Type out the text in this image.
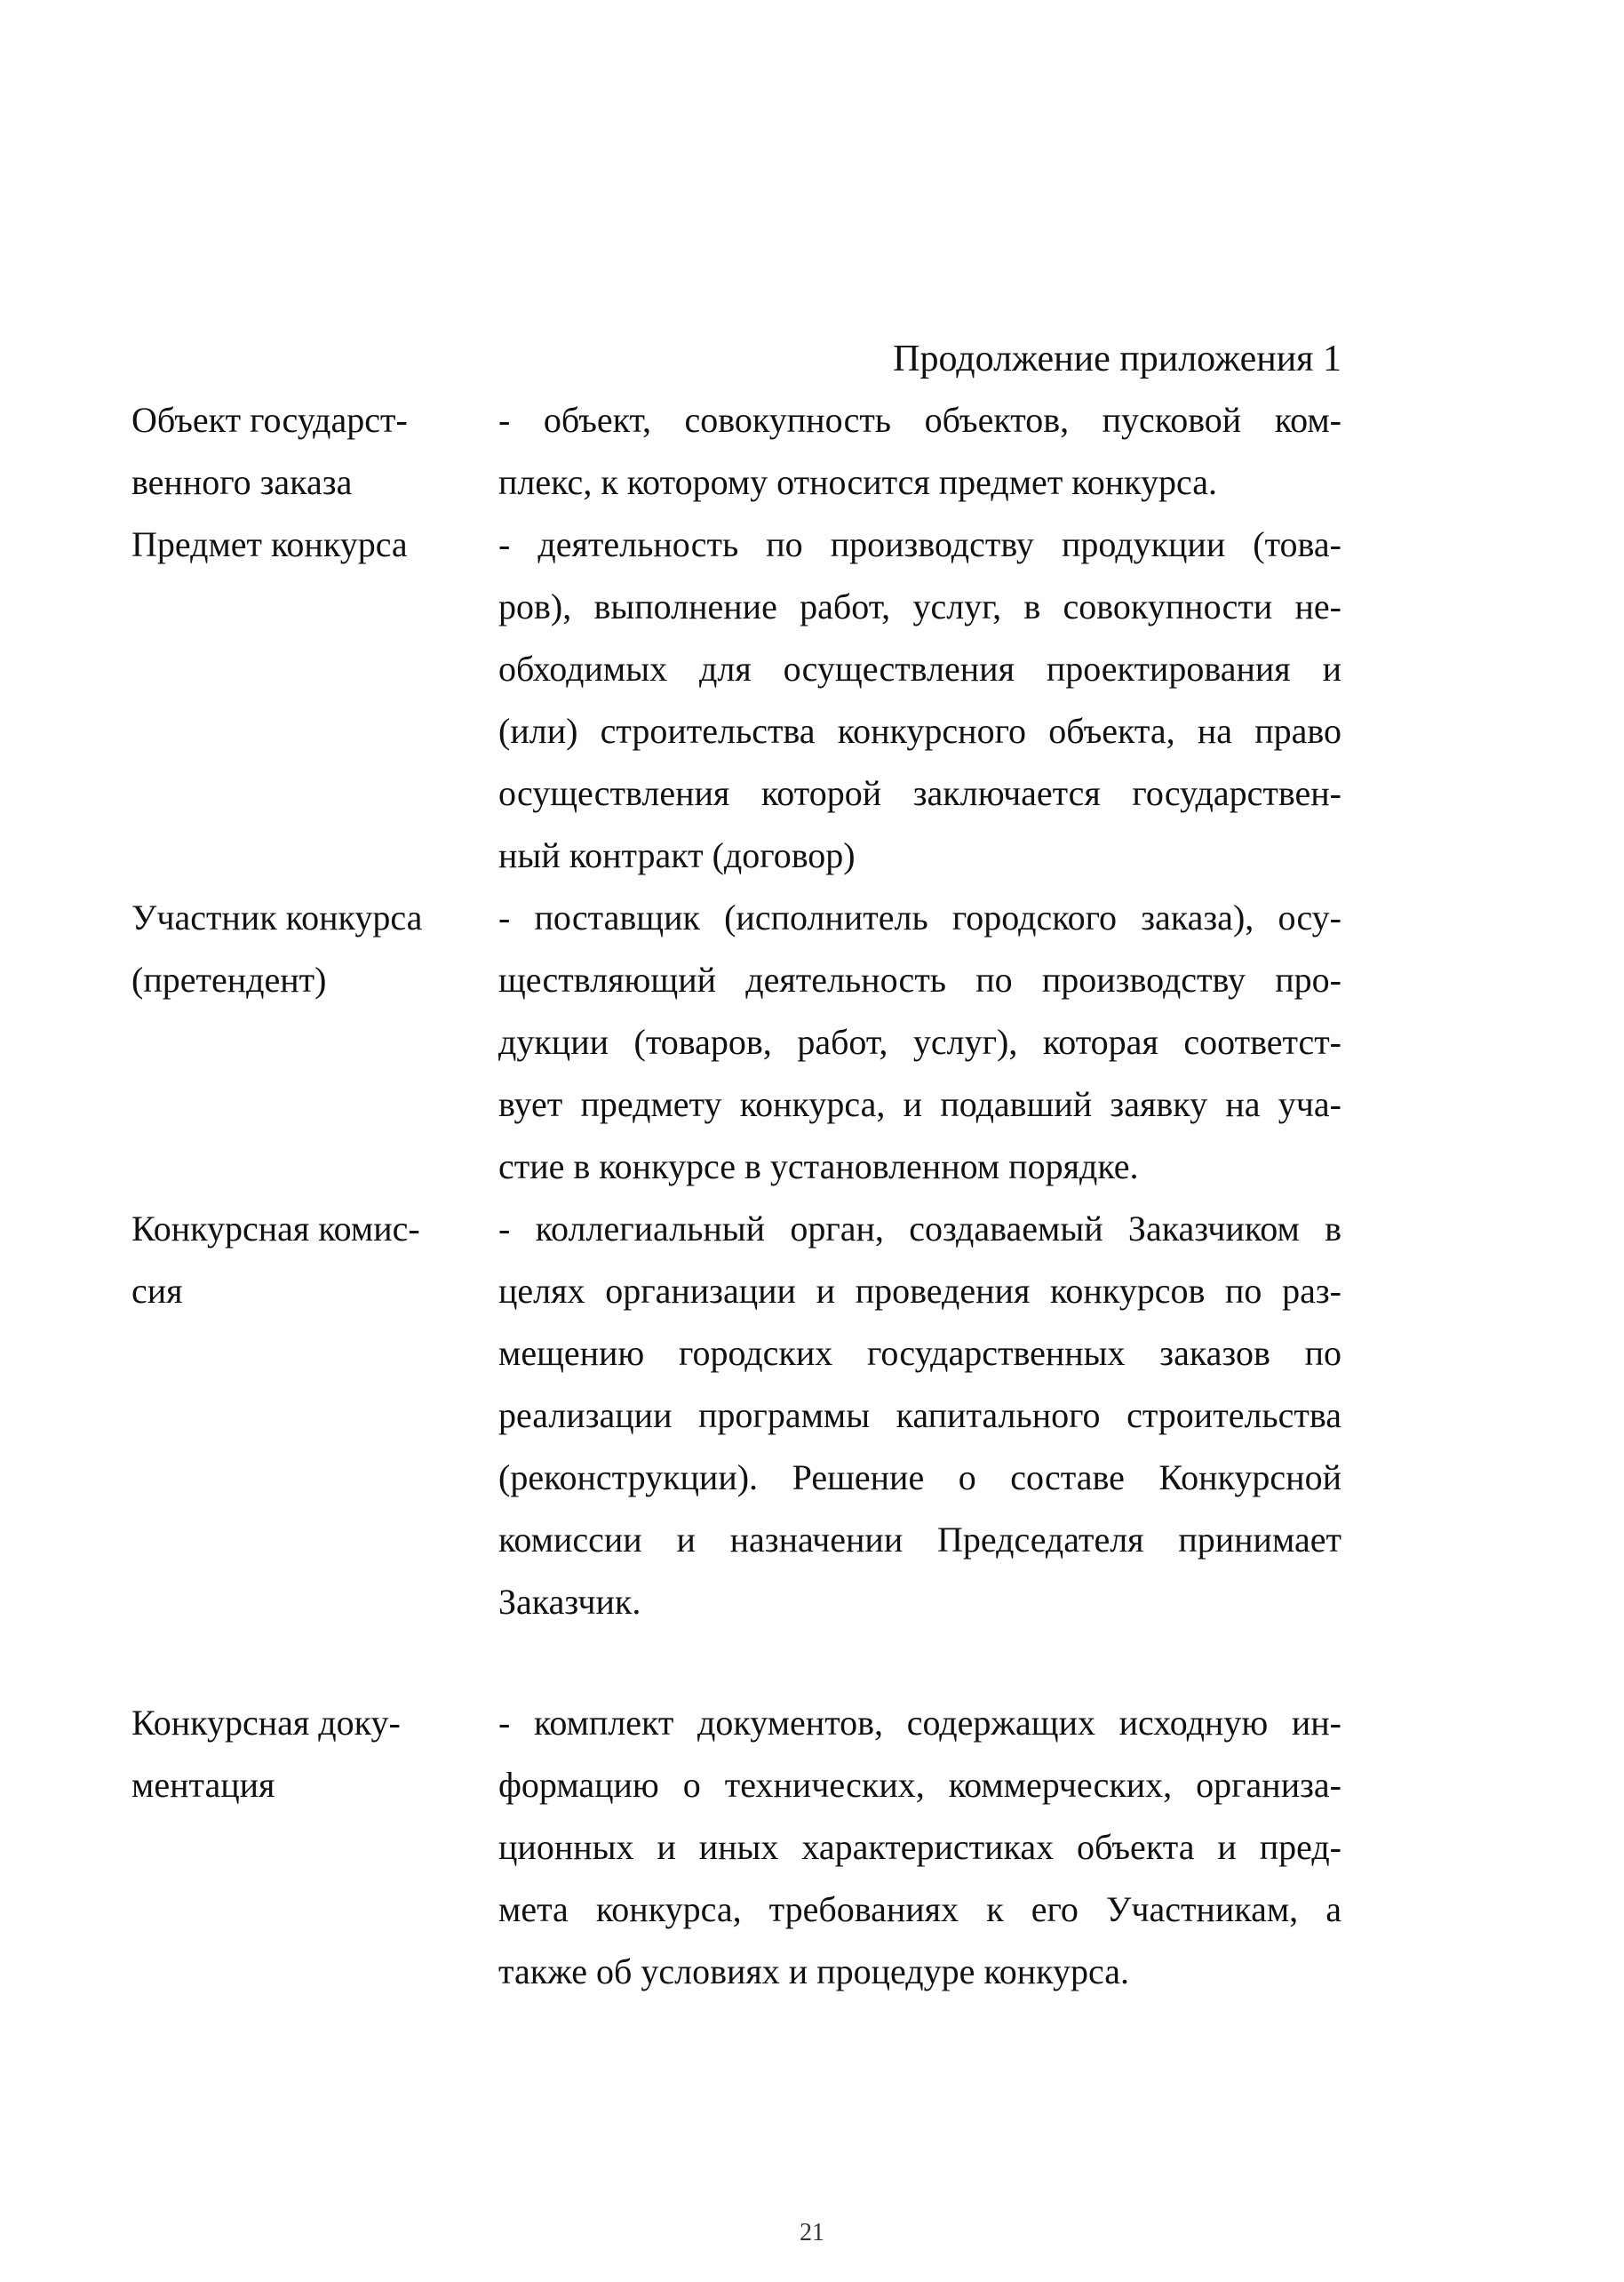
Продолжение приложения 1
Объект государст-
венного заказа
- объект, совокупность объектов, пусковой ком-
плекс, к которому относится предмет конкурса.
Предмет конкурса	- деятельность по производству продукции (това-
ров), выполнение работ, услуг, в совокупности не-
обходимых для осуществления проектирования и
(или) строительства конкурсного объекта, на право
осуществления которой заключается государствен-
ный контракт (договор)
Участник конкурса
(претендент)
- поставщик (исполнитель городского заказа), осу-
ществляющий деятельность по производству про-
дукции (товаров, работ, услуг), которая соответст-
вует предмету конкурса, и подавший заявку на уча-
стие в конкурсе в установленном порядке.
Конкурсная комис-
сия
- коллегиальный орган, создаваемый Заказчиком в
целях организации и проведения конкурсов по раз-
мещению городских государственных заказов по
реализации программы капитального строительства
(реконструкции). Решение о составе Конкурсной
комиссии и назначении Председателя принимает
Заказчик.
Конкурсная доку-
ментация
- комплект документов, содержащих исходную ин-
формацию о технических, коммерческих, организа-
ционных и иных характеристиках объекта и пред-
мета конкурса, требованиях к его Участникам, а
также об условиях и процедуре конкурса.
21
